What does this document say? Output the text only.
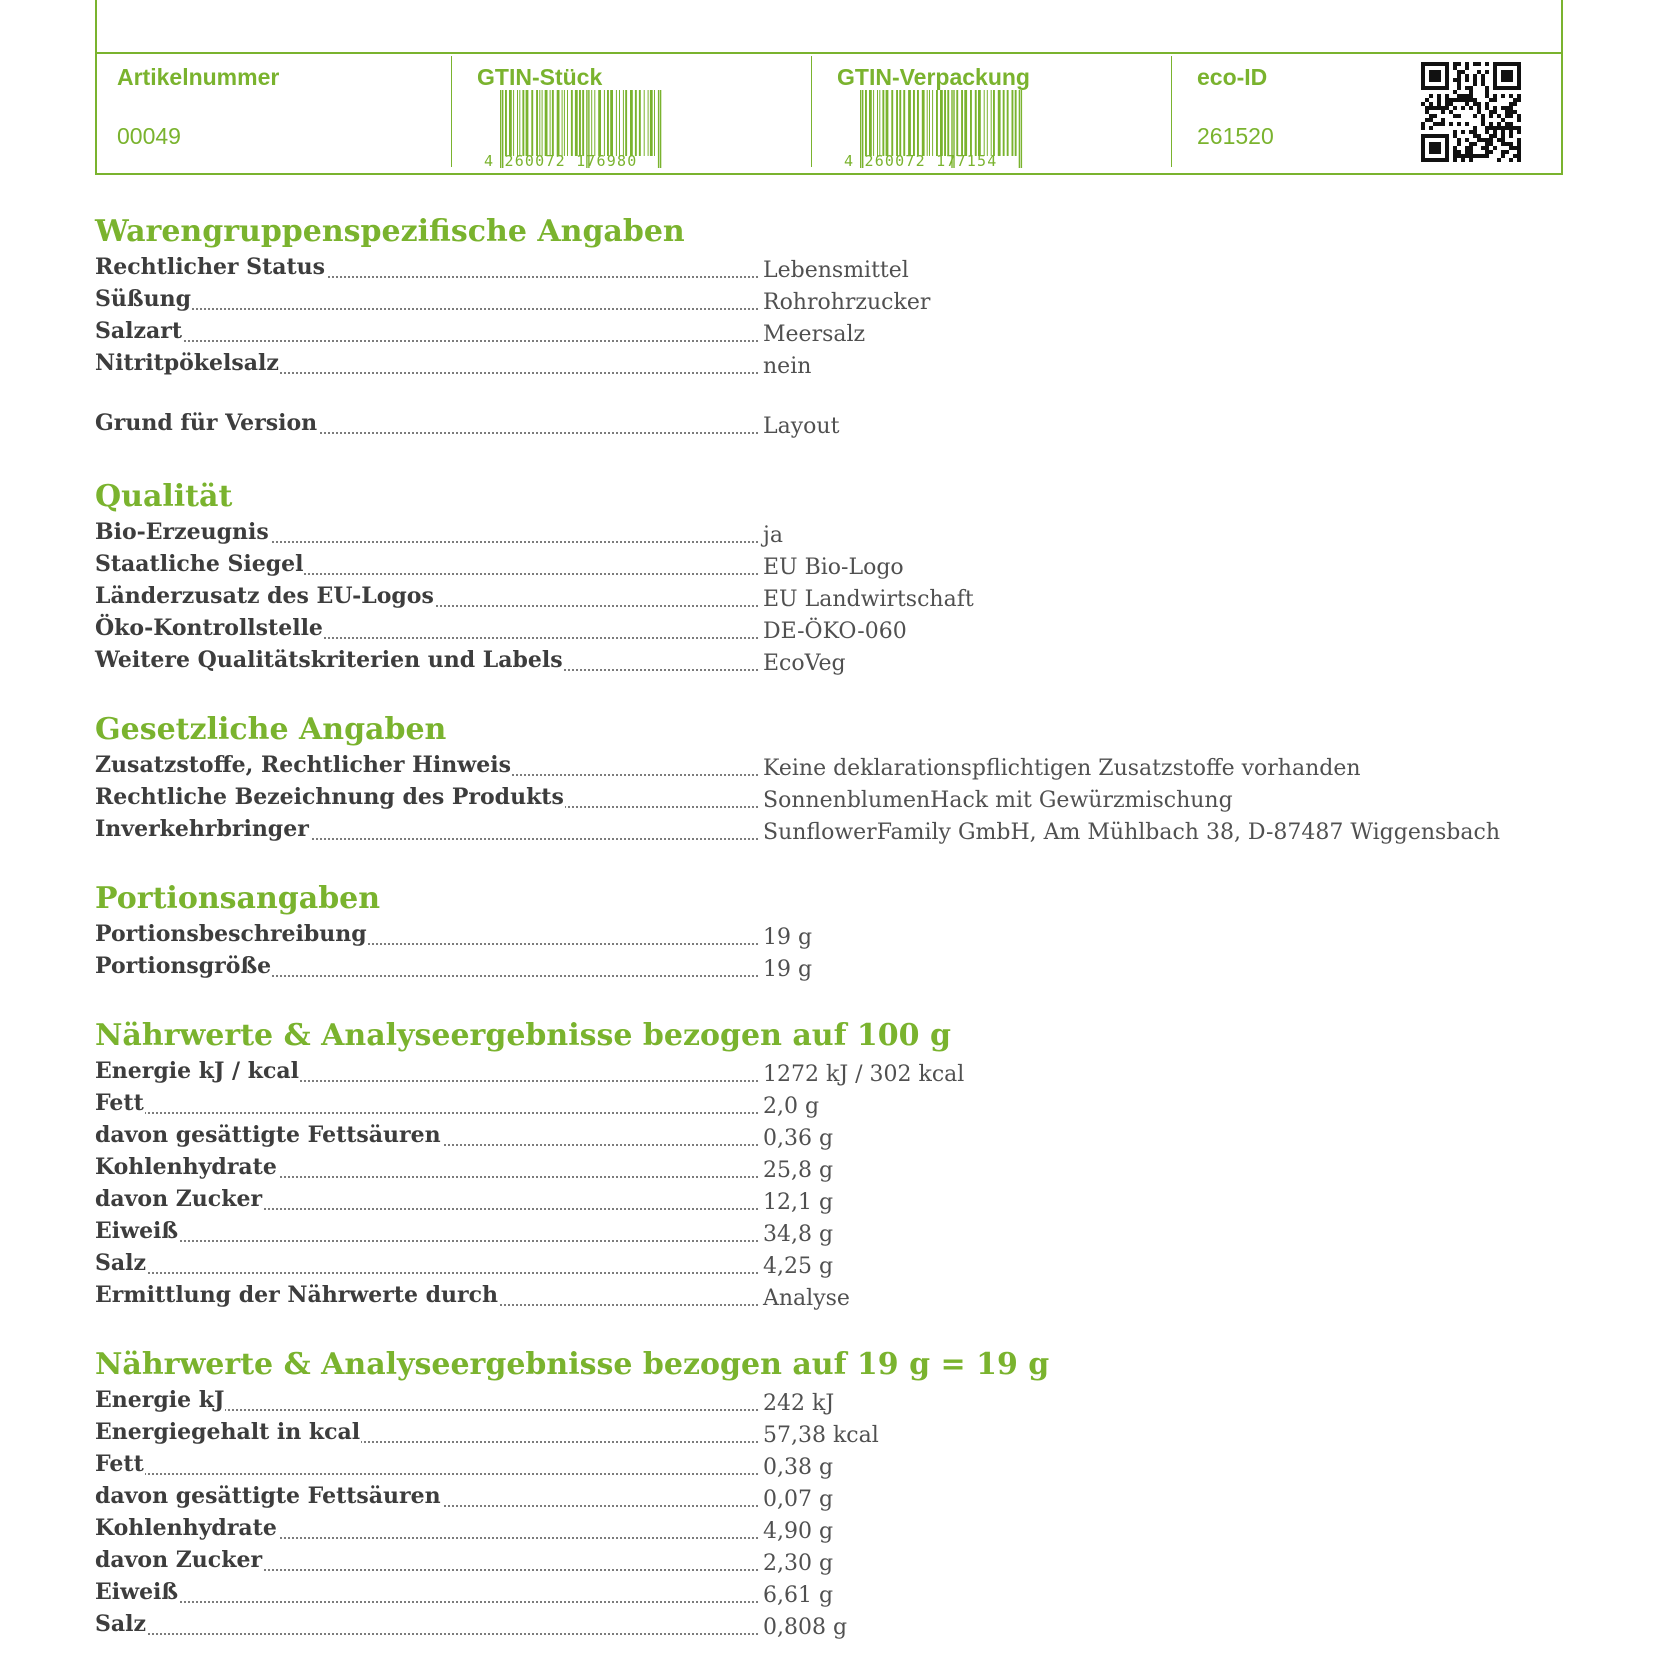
Artikelnummer
00049
GTIN-Stück
4 260072 176980
GTIN-Verpackung
4 260072 177154
eco-ID
261520
Warengruppenspezifische Angaben
Rechtlicher Status	Lebensmittel
Süßung	Rohrohrzucker
Salzart	Meersalz
Nitritpökelsalz	nein
Grund für Version	Layout
Qualität
Bio-Erzeugnis	ja
Staatliche Siegel	EU Bio-Logo
Länderzusatz des EU-Logos	EU Landwirtschaft
Öko-Kontrollstelle	DE-ÖKO-060
Weitere Qualitätskriterien und Labels	EcoVeg
Gesetzliche Angaben
Zusatzstoffe, Rechtlicher Hinweis	Keine deklarationspflichtigen Zusatzstoffe vorhanden
Rechtliche Bezeichnung des Produkts	SonnenblumenHack mit Gewürzmischung
Inverkehrbringer	SunflowerFamily GmbH, Am Mühlbach 38, D-87487 Wiggensbach
Portionsangaben
Portionsbeschreibung	19 g
Portionsgröße	19 g
Nährwerte & Analyseergebnisse bezogen auf 100 g
Energie kJ / kcal	1272 kJ / 302 kcal
Fett	2,0 g
davon gesättigte Fettsäuren	0,36 g
Kohlenhydrate	25,8 g
davon Zucker	12,1 g
Eiweiß	34,8 g
Salz	4,25 g
Ermittlung der Nährwerte durch	Analyse
Nährwerte & Analyseergebnisse bezogen auf 19 g = 19 g
Energie kJ	242 kJ
Energiegehalt in kcal	57,38 kcal
Fett	0,38 g
davon gesättigte Fettsäuren	0,07 g
Kohlenhydrate	4,90 g
davon Zucker	2,30 g
Eiweiß	6,61 g
Salz	0,808 g
